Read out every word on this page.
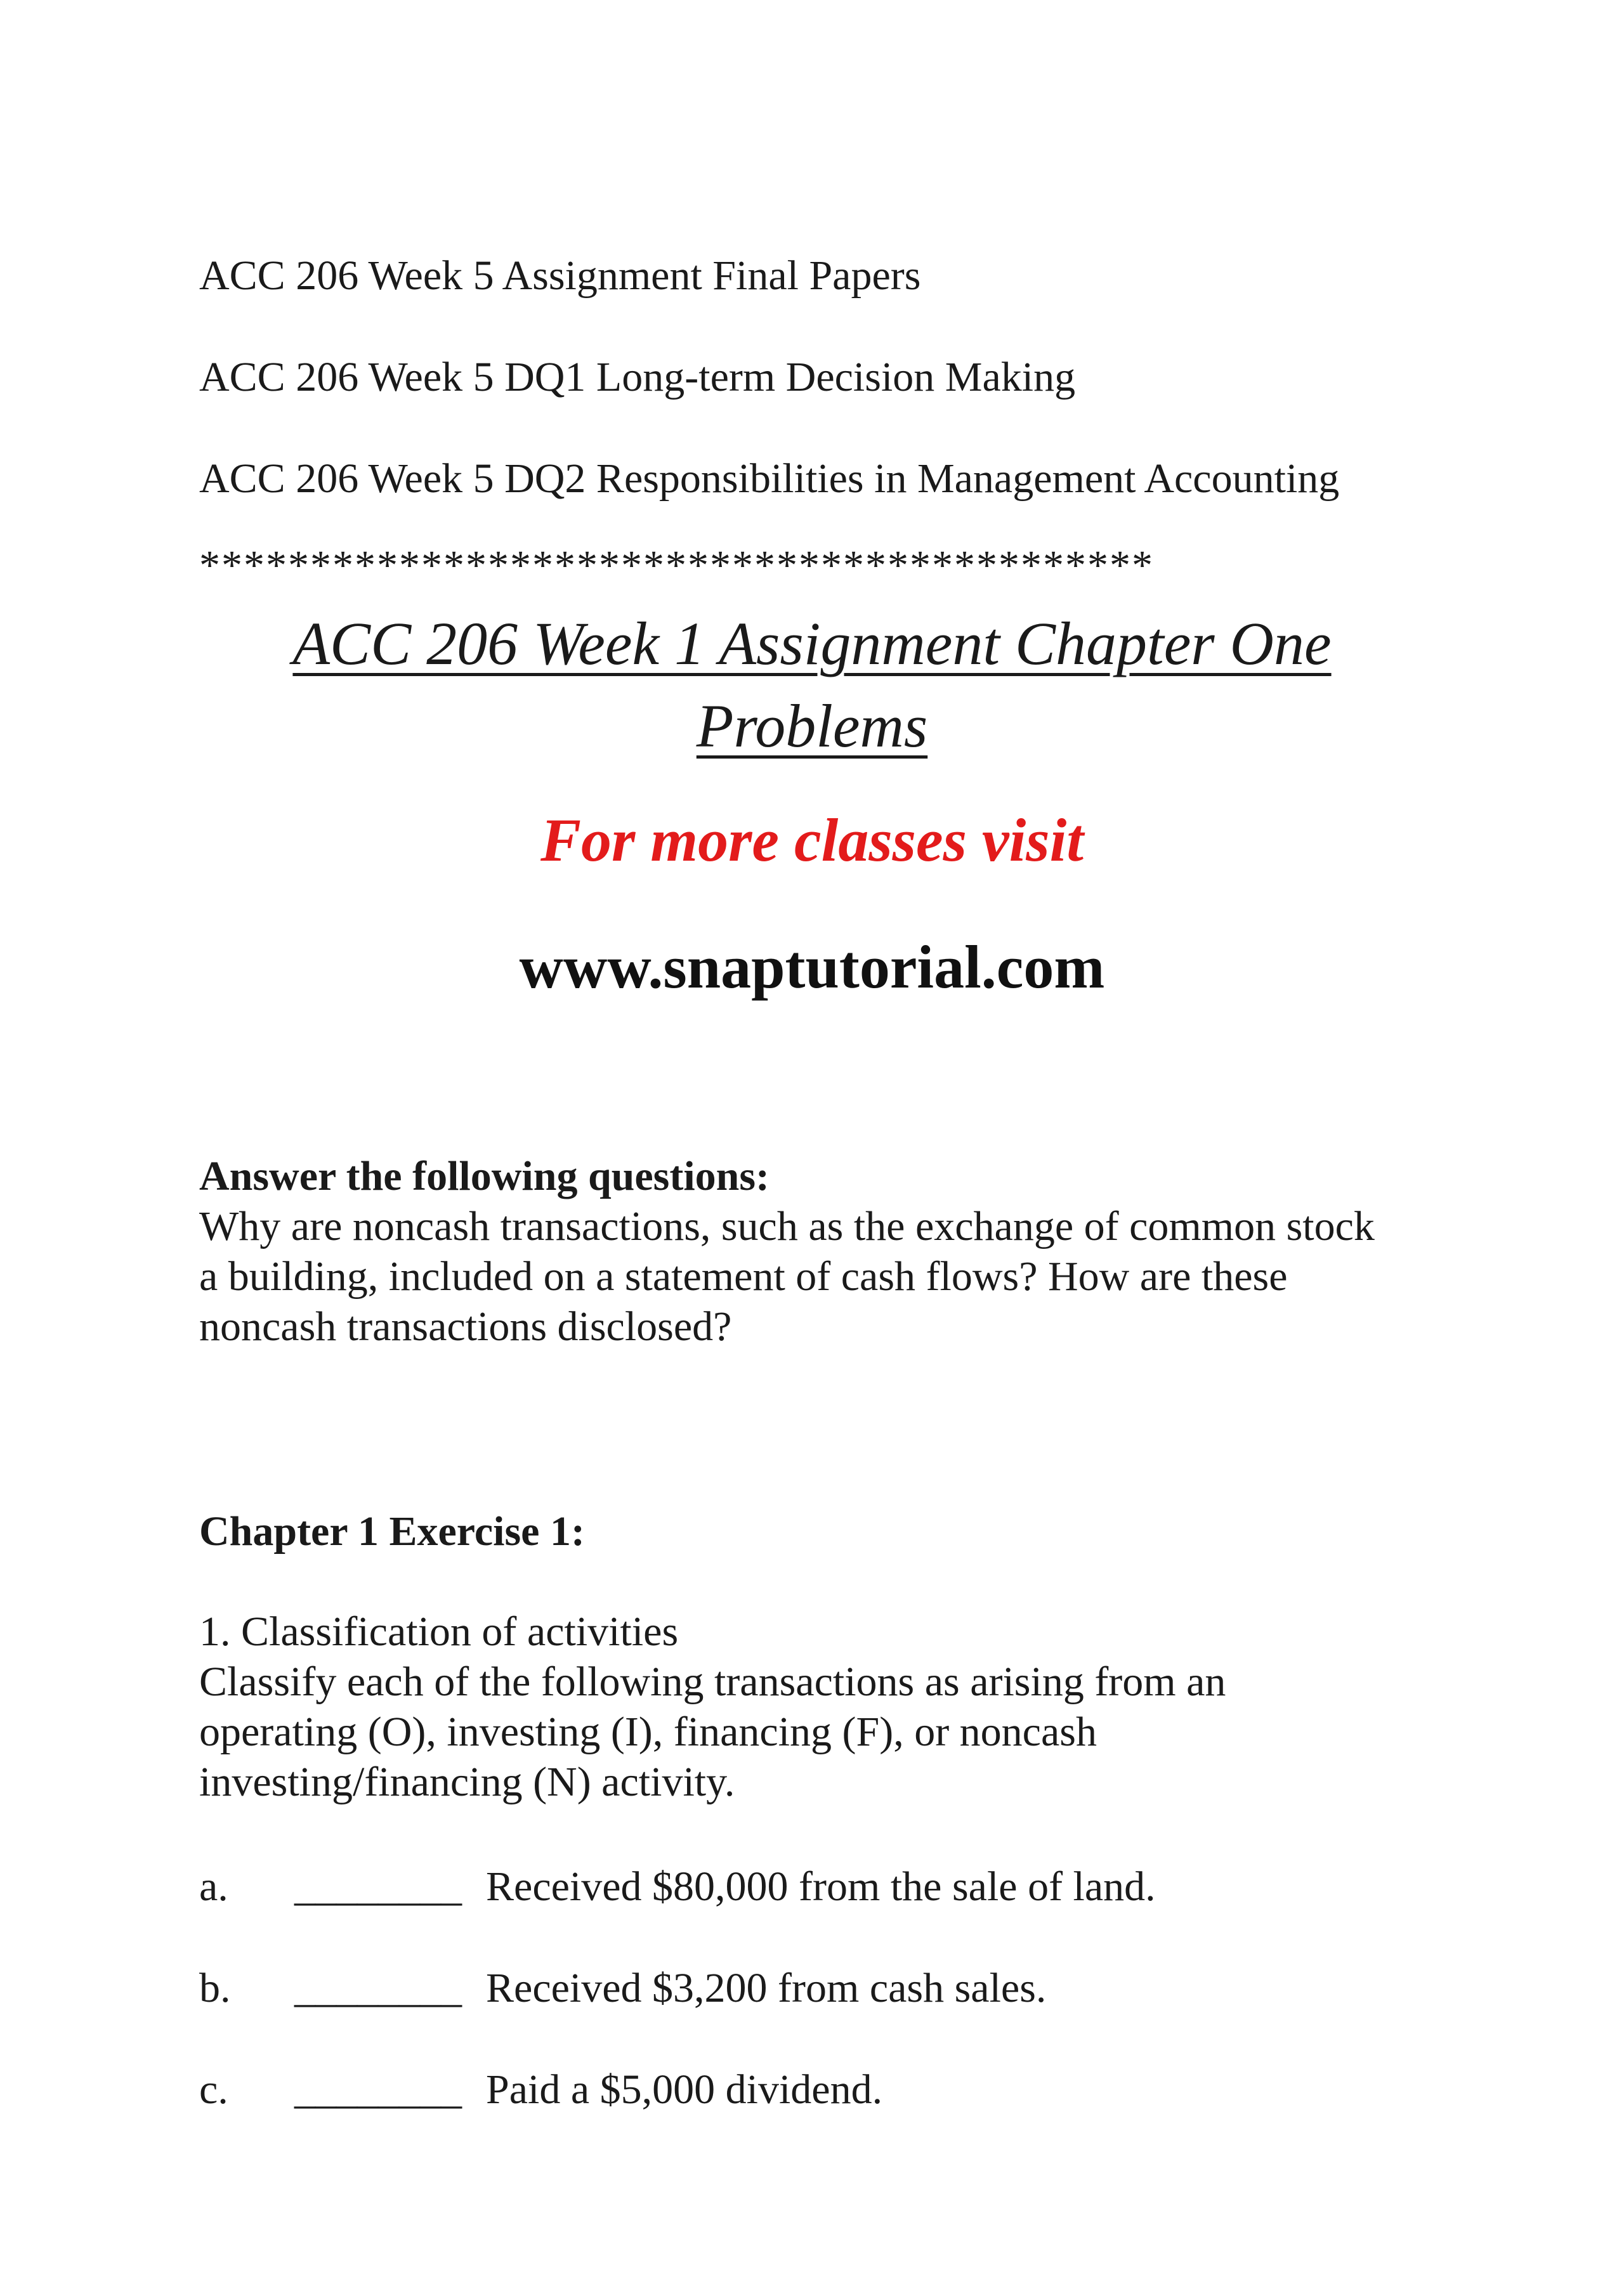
ACC 206 Week 5 Assignment Final Papers
ACC 206 Week 5 DQ1 Long-term Decision Making
ACC 206 Week 5 DQ2 Responsibilities in Management Accounting
*******************************************
ACC 206 Week 1 Assignment Chapter One
Problems
For more classes visit
www.snaptutorial.com
Answer the following questions:
Why are noncash transactions, such as the exchange of common stock
a building, included on a statement of cash flows? How are these
noncash transactions disclosed?
Chapter 1 Exercise 1:
1. Classification of activities
Classify each of the following transactions as arising from an
operating (O), investing (I), financing (F), or noncash
investing/financing (N) activity.
a. ________ Received $80,000 from the sale of land.
b. ________ Received $3,200 from cash sales.
c. ________ Paid a $5,000 dividend.
